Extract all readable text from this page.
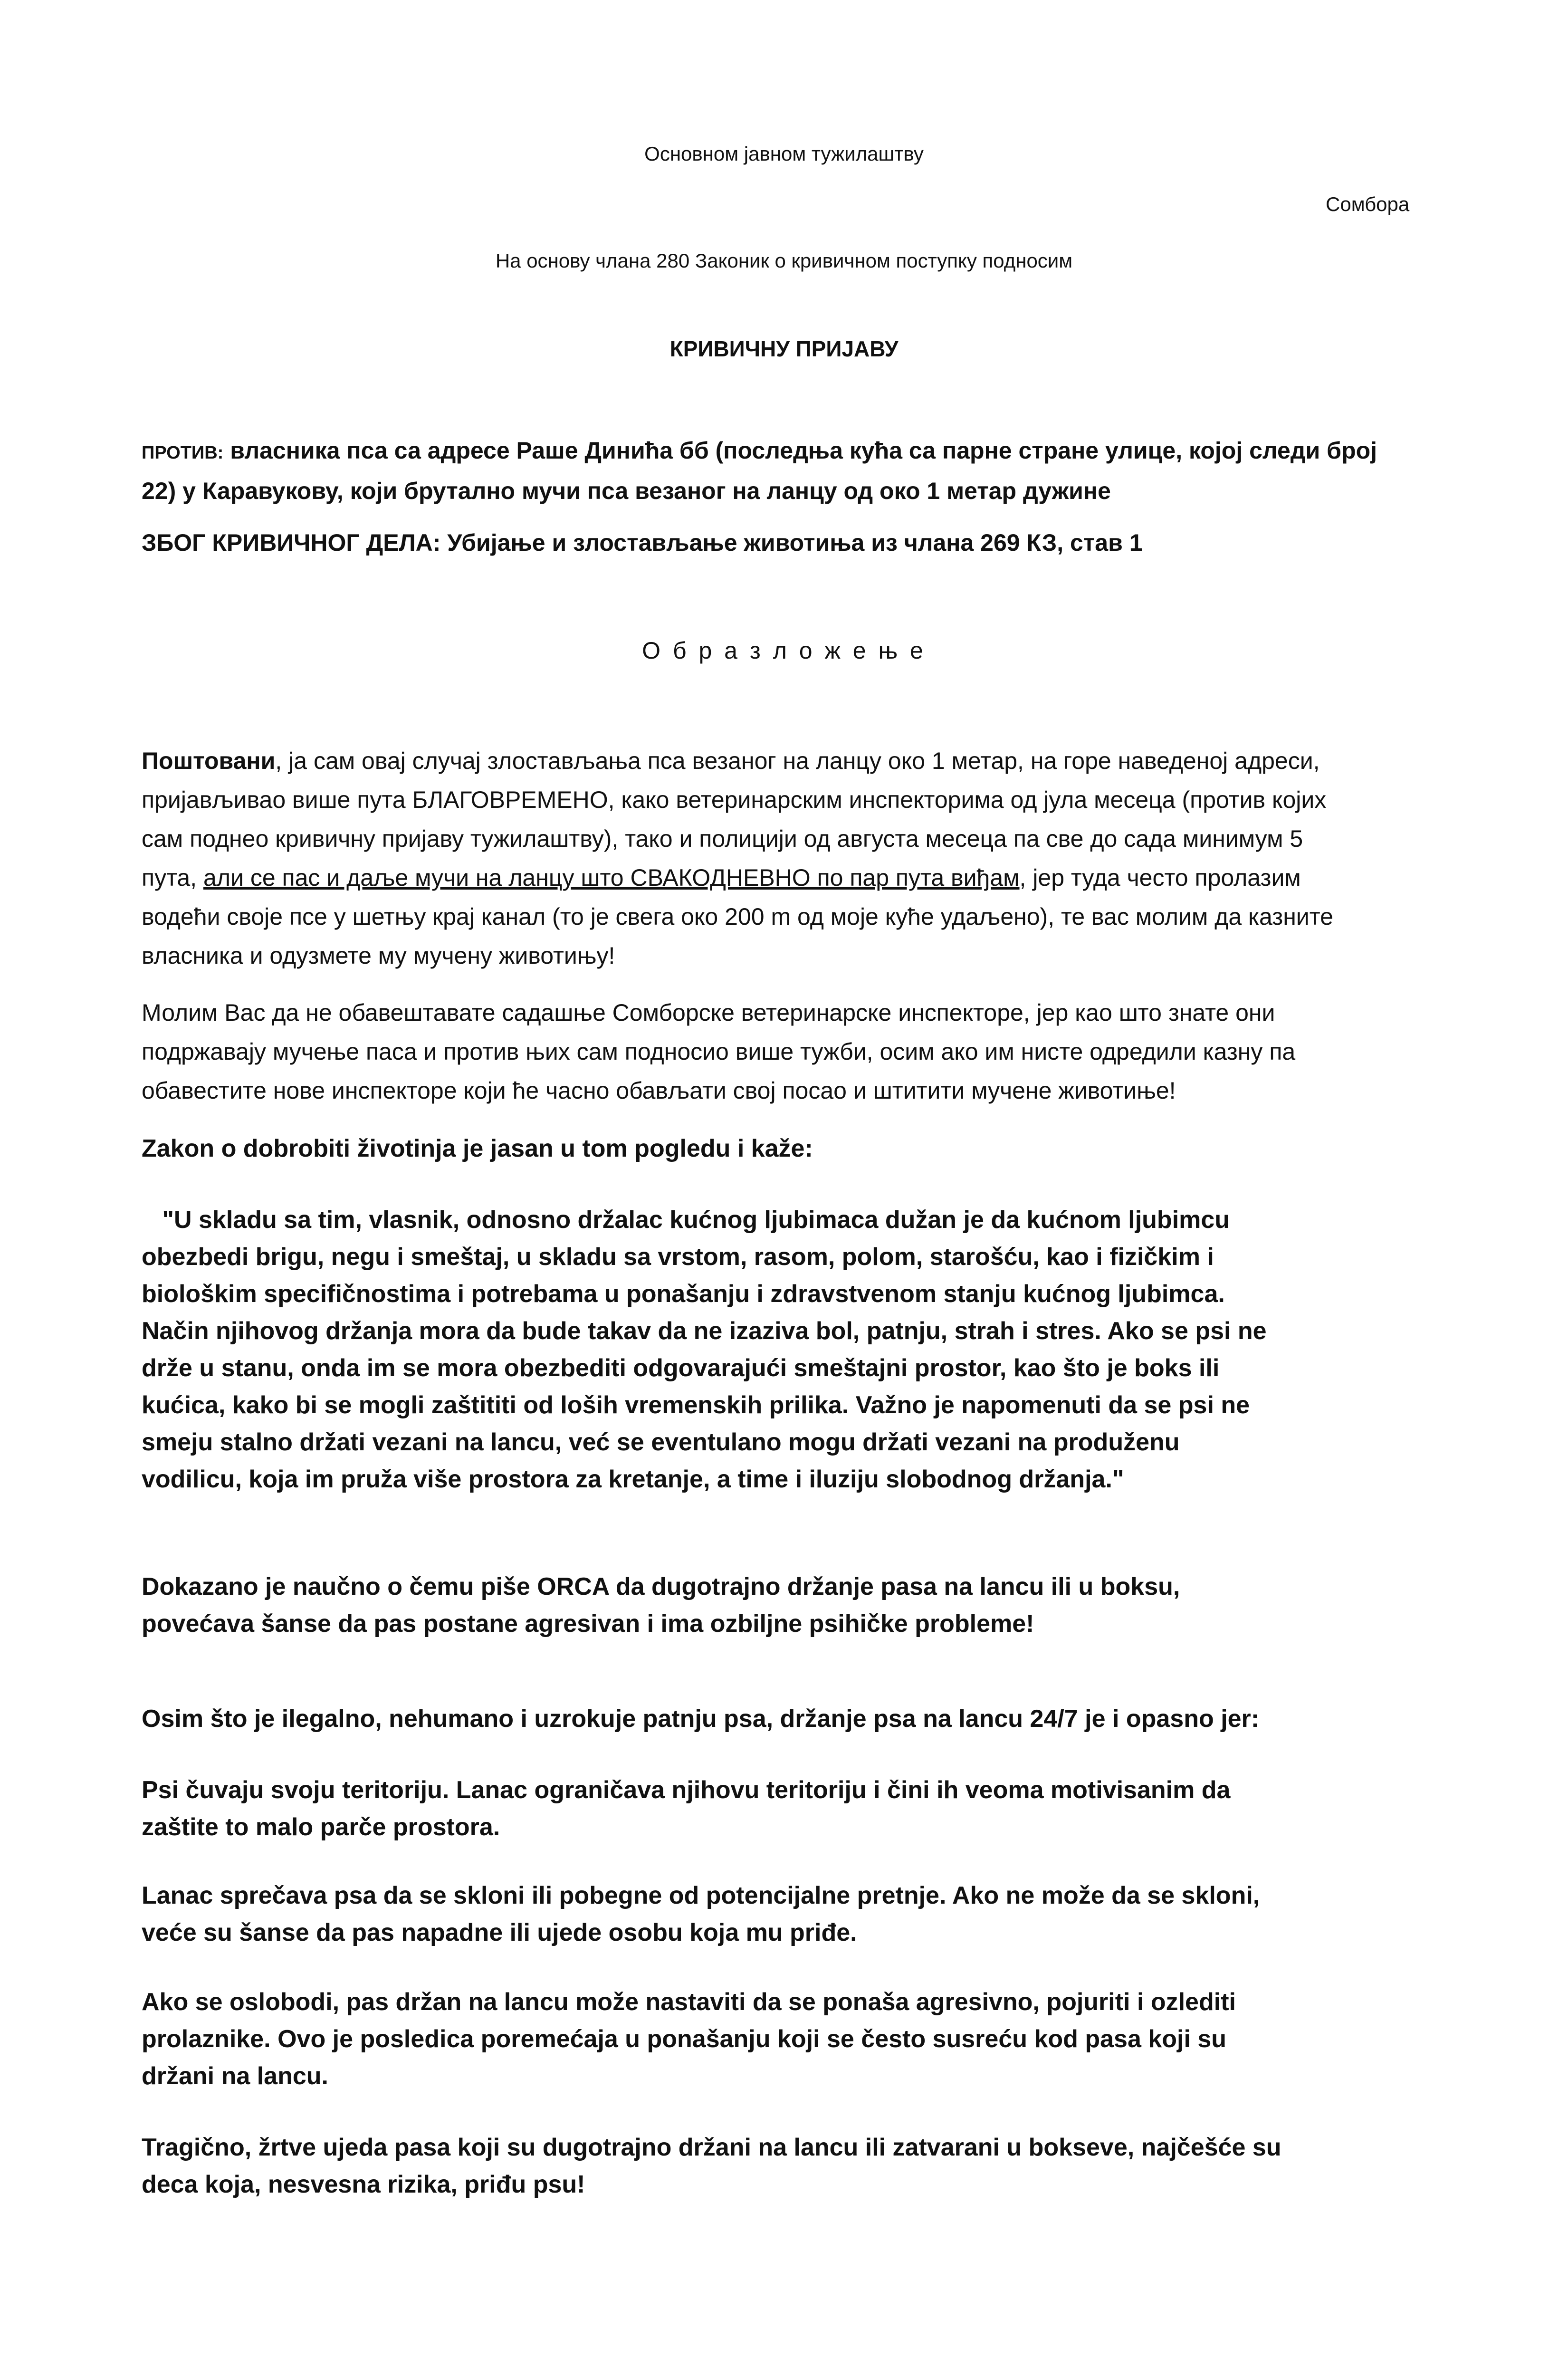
Основном јавном тужилаштву
Сомбора
На основу члана 280 Законик о кривичном поступку подносим
КРИВИЧНУ ПРИЈАВУ
ПРОТИВ: власника пса са адресе Раше Динића бб (последња кућа са парне стране улице, којој следи број
22) у Каравукову, који брутално мучи пса везаног на ланцу од око 1 метар дужине
ЗБОГ КРИВИЧНОГ ДЕЛА: Убијање и злостављање животиња из члана 269 КЗ, став 1
О б р а з л о ж е њ е
Поштовани, ја сам овај случај злостављања пса везаног на ланцу око 1 метар, на горе наведеној адреси,
пријављивао више пута БЛАГОВРЕМЕНО, како ветеринарским инспекторима од јула месеца (против којих
сам поднео кривичну пријаву тужилаштву), тако и полицији од августа месеца па све до сада минимум 5
пута, али се пас и даље мучи на ланцу што СВАКОДНЕВНО по пар пута виђам, јер туда често пролазим
водећи своје псе у шетњу крај канал (то је свега око 200 m од моје куће удаљено), те вас молим да казните
власника и одузмете му мучену животињу!
Молим Вас да не обавештавате садашње Сомборске ветеринарске инспекторе, јер као што знате они
подржавају мучење паса и против њих сам подносио више тужби, осим ако им нисте одредили казну па
обавестите нове инспекторе који ће часно обављати свој посао и штитити мучене животиње!
Zakon o dobrobiti životinja je jasan u tom pogledu i kaže:
"U skladu sa tim, vlasnik, odnosno držalac kućnog ljubimaca dužan je da kućnom ljubimcu
obezbedi brigu, negu i smeštaj, u skladu sa vrstom, rasom, polom, starošću, kao i fizičkim i
biološkim specifičnostima i potrebama u ponašanju i zdravstvenom stanju kućnog ljubimca.
Način njihovog držanja mora da bude takav da ne izaziva bol, patnju, strah i stres. Ako se psi ne
drže u stanu, onda im se mora obezbediti odgovarajući smeštajni prostor, kao što je boks ili
kućica, kako bi se mogli zaštititi od loših vremenskih prilika. Važno je napomenuti da se psi ne
smeju stalno držati vezani na lancu, već se eventulano mogu držati vezani na produženu
vodilicu, koja im pruža više prostora za kretanje, a time i iluziju slobodnog držanja."
Dokazano je naučno o čemu piše ORCA da dugotrajno držanje pasa na lancu ili u boksu,
povećava šanse da pas postane agresivan i ima ozbiljne psihičke probleme!
Osim što je ilegalno, nehumano i uzrokuje patnju psa, držanje psa na lancu 24/7 je i opasno jer:
Psi čuvaju svoju teritoriju. Lanac ograničava njihovu teritoriju i čini ih veoma motivisanim da
zaštite to malo parče prostora.
Lanac sprečava psa da se skloni ili pobegne od potencijalne pretnje. Ako ne može da se skloni,
veće su šanse da pas napadne ili ujede osobu koja mu priđe.
Ako se oslobodi, pas držan na lancu može nastaviti da se ponaša agresivno, pojuriti i ozlediti
prolaznike. Ovo je posledica poremećaja u ponašanju koji se često susreću kod pasa koji su
držani na lancu.
Tragično, žrtve ujeda pasa koji su dugotrajno držani na lancu ili zatvarani u bokseve, najčešće su
deca koja, nesvesna rizika, priđu psu!
